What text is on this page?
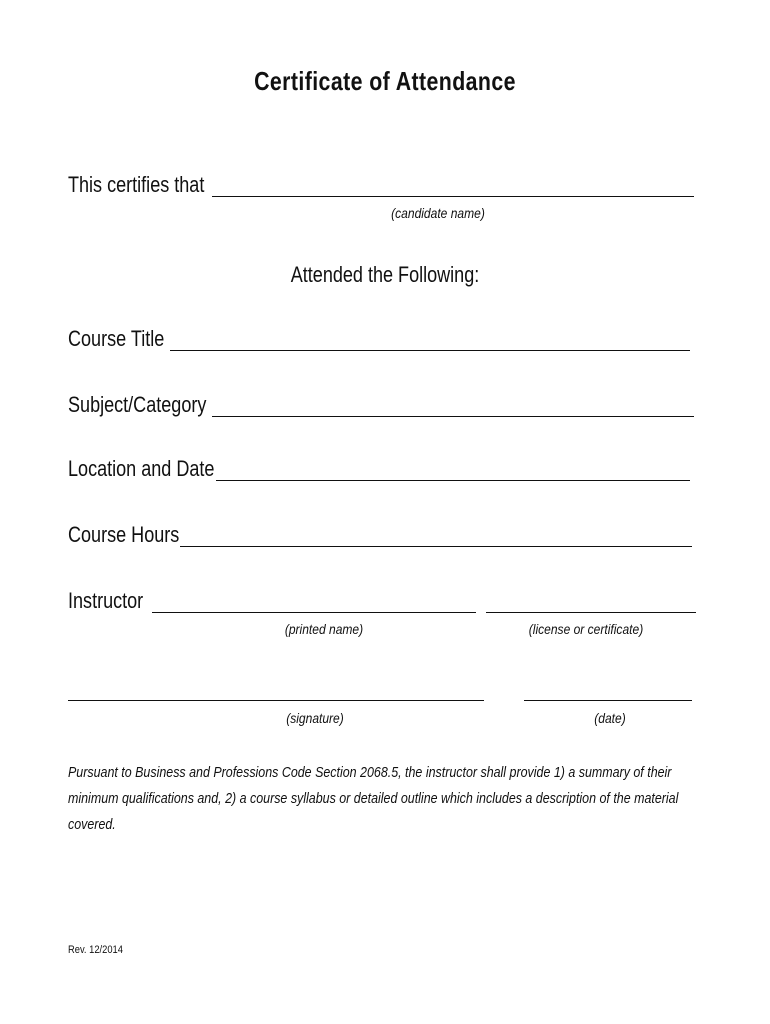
Certificate of Attendance
This certifies that
(candidate name)
Attended the Following:
Course Title
Subject/Category
Location and Date
Course Hours
Instructor
(printed name)	(license or certificate)
(signature)	(date)
Pursuant to Business and Professions Code Section 2068.5, the instructor shall provide 1) a summary of their minimum qualifications and, 2) a course syllabus or detailed outline which includes a description of the material covered.
Rev. 12/2014
